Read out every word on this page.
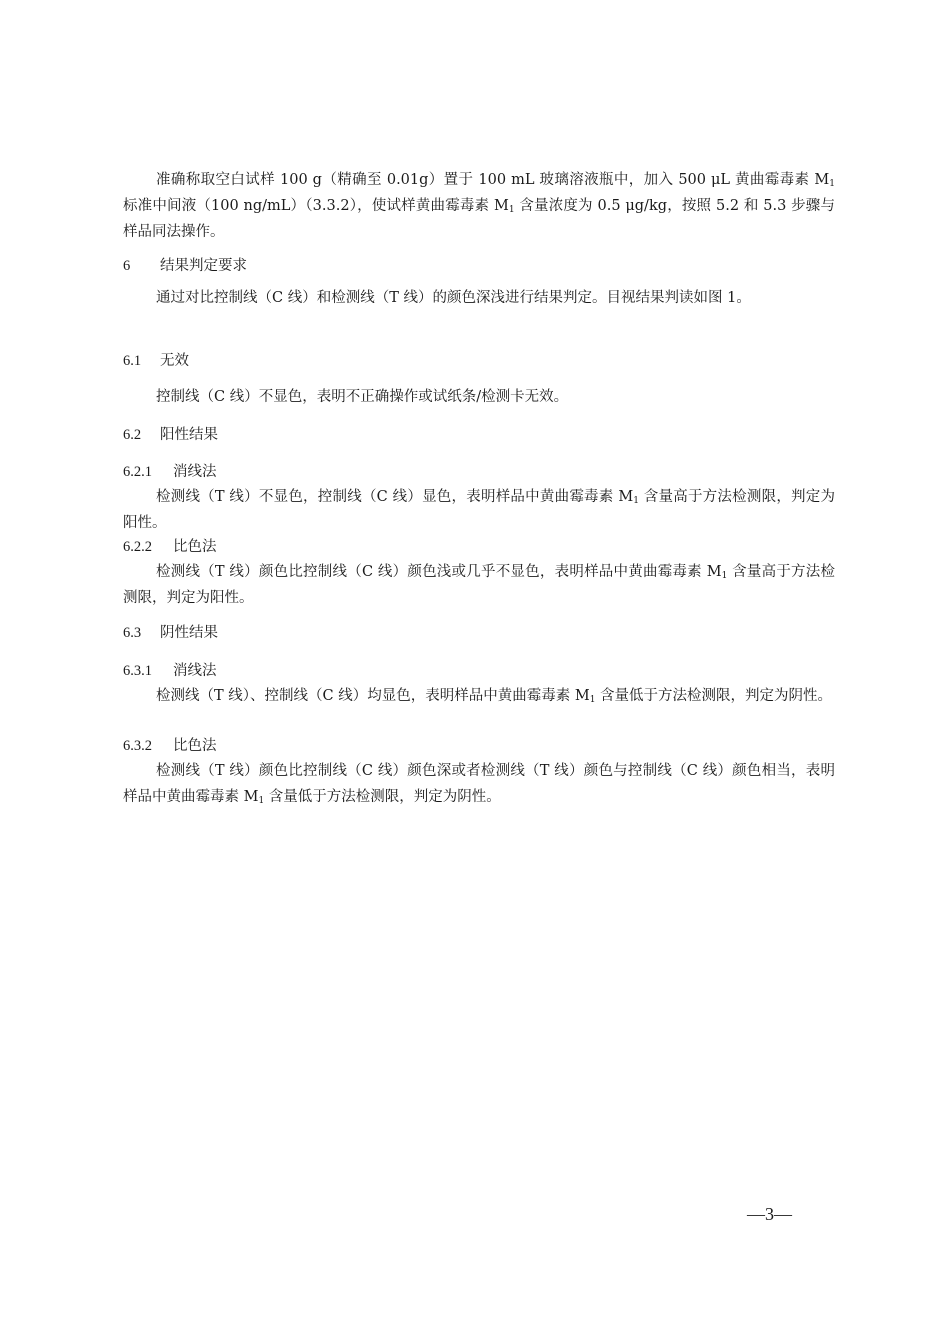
准确称取空白试样 100 g（精确至 0.01g）置于 100 mL 玻璃溶液瓶中，加入 500 μL 黄曲霉毒素 $M_1$ 标准中间液（100 ng/mL）（3.3.2），使试样黄曲霉毒素 $M_1$ 含量浓度为 0.5 μg/kg，按照 5.2 和 5.3 步骤与样品同法操作。

6 结果判定要求

通过对比控制线（C 线）和检测线（T 线）的颜色深浅进行结果判定。目视结果判读如图 1。

6.1 无效

控制线（C 线）不显色，表明不正确操作或试纸条/检测卡无效。

6.2 阳性结果
6.2.1 消线法

检测线（T 线）不显色，控制线（C 线）显色，表明样品中黄曲霉毒素 $M_1$ 含量高于方法检测限，判定为阳性。

6.2.2 比色法

检测线（T 线）颜色比控制线（C 线）颜色浅或几乎不显色，表明样品中黄曲霉毒素 $M_1$ 含量高于方法检测限，判定为阳性。

6.3 阴性结果
6.3.1 消线法

检测线（T 线）、控制线（C 线）均显色，表明样品中黄曲霉毒素 $M_1$ 含量低于方法检测限，判定为阴性。

6.3.2 比色法

检测线（T 线）颜色比控制线（C 线）颜色深或者检测线（T 线）颜色与控制线（C 线）颜色相当，表明样品中黄曲霉毒素 $M_1$ 含量低于方法检测限，判定为阴性。

—3—
